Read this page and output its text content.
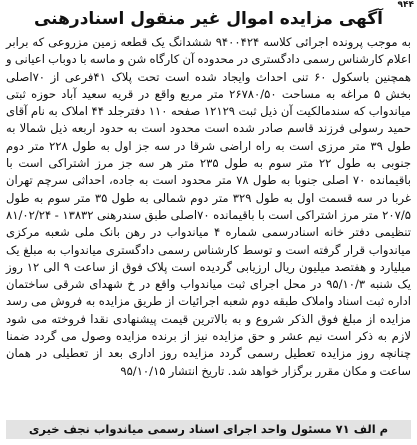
۹۴۴
آگهی مزایده اموال غیر منقول اسنادرهنی

به موجب پرونده اجرائی کلاسه ۹۴۰۰۴۲۴ ششدانگ یک قطعه زمین مزروعی که برابر اعلام کارشناس رسمی دادگستری در محدوده آن کارگاه شن و ماسه با دوباب اعیانی و همچنین باسکول ۶۰ تنی احداث وایجاد شده است تحت پلاک ۴۱فرعی از ۷۰اصلی بخش ۵ مراغه به مساحت ۲۶۷۸۰/۵۰ متر مربع واقع در قریه سعید آباد حوزه ثبتی میاندواب که سندمالکیت آن ذیل ثبت ۱۲۱۲۹ صفحه ۱۱۰ دفترجلد ۴۴ املاک به نام آقای حمید رسولی فرزند قاسم صادر شده است محدود است به حدود اربعه ذیل شمالا به طول ۳۹ متر مرزی است به راه اراضی شرقا در سه جز اول به طول ۲۲۸ متر دوم جنوبی به طول ۲۲ متر سوم به طول ۲۳۵ متر هر سه جز مرز اشتراکی است با باقیمانده ۷۰ اصلی جنوبا به طول ۷۸ متر محدود است به جاده، احداثی سرچم تهران غربا در سه قسمت اول به طول ۳۲۹ متر دوم شمالی به طول ۳۵ متر سوم به طول ۲۰۷/۵ متر مرز اشتراکی است با باقیمانده ۷۰اصلی طبق سندرهنی ۱۳۸۳۲ - ۸۱/۰۲/۲۴ تنظیمی دفتر خانه اسنادرسمی شماره ۴ میاندواب در رهن بانک ملی شعبه مرکزی میاندواب قرار گرفته است و توسط کارشناس رسمی دادگستری میاندواب به مبلغ یک میلیارد و هفتصد میلیون ریال ارزیابی گردیده است پلاک فوق از ساعت ۹ الی ۱۲ روز یک شنبه ۹۵/۱۰/۳ در محل اجرای ثبت میاندواب واقع در خ شهدای شرقی ساختمان اداره ثبت اسناد واملاک طبقه دوم شعبه اجرائیات از طریق مزایده به فروش می رسد مزایده از مبلغ فوق الذکر شروع و به بالاترین قیمت پیشنهادی نقدا فروخته می شود لازم به ذکر است نیم عشر و حق مزایده نیز از برنده مزایده وصول می گردد ضمنا چنانچه روز مزایده تعطیل رسمی گردد مزایده روز اداری بعد از تعطیلی در همان ساعت و مکان مقرر برگزار خواهد شد. تاریخ انتشار ۹۵/۱۰/۱۵

م الف ۷۱ مسئول واحد اجرای اسناد رسمی میاندواب نجف خیری
